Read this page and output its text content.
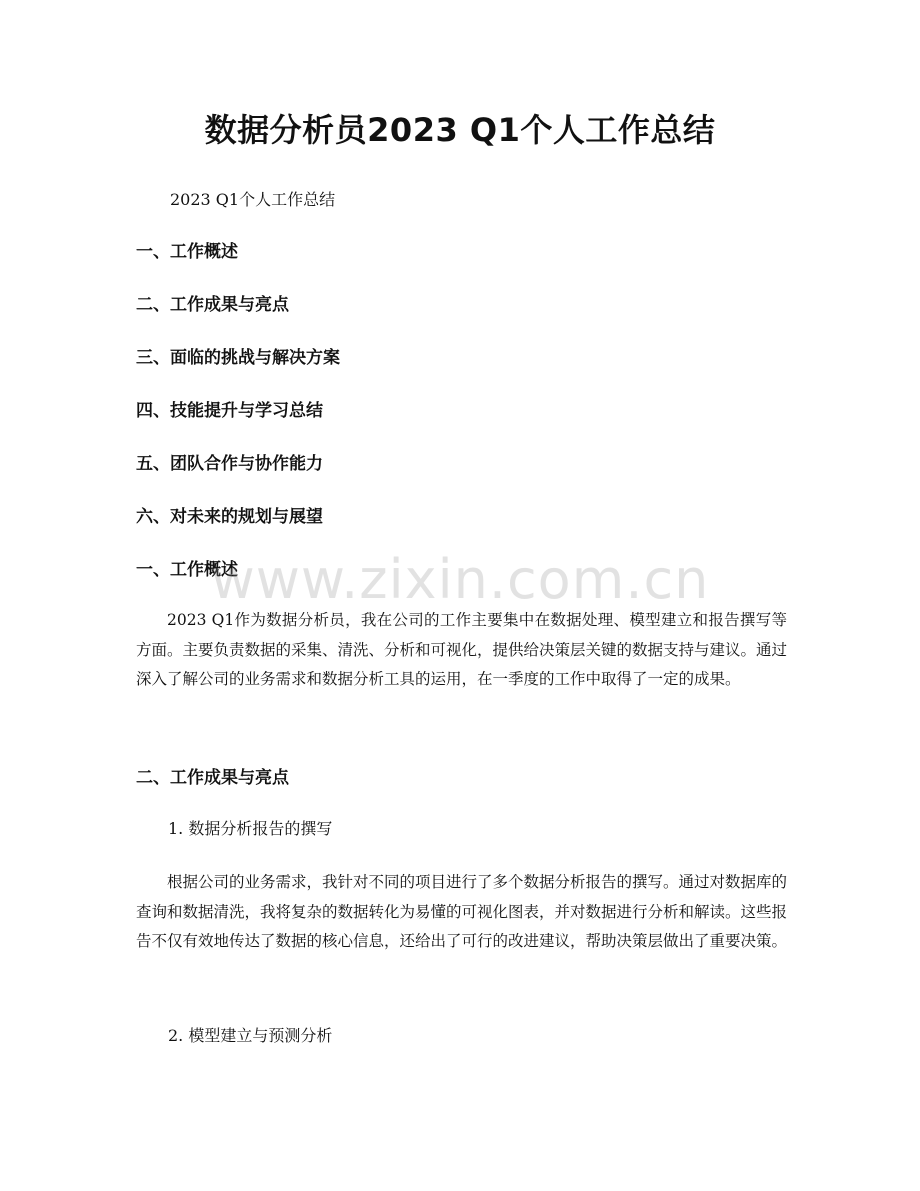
数据分析员2023 Q1个人工作总结
2023 Q1个人工作总结
一、工作概述
二、工作成果与亮点
三、面临的挑战与解决方案
四、技能提升与学习总结
五、团队合作与协作能力
六、对未来的规划与展望
一、工作概述

2023 Q1作为数据分析员，我在公司的工作主要集中在数据处理、模型建立和报告撰写等方面。主要负责数据的采集、清洗、分析和可视化，提供给决策层关键的数据支持与建议。通过深入了解公司的业务需求和数据分析工具的运用，在一季度的工作中取得了一定的成果。

二、工作成果与亮点
1. 数据分析报告的撰写

根据公司的业务需求，我针对不同的项目进行了多个数据分析报告的撰写。通过对数据库的查询和数据清洗，我将复杂的数据转化为易懂的可视化图表，并对数据进行分析和解读。这些报告不仅有效地传达了数据的核心信息，还给出了可行的改进建议，帮助决策层做出了重要决策。

2. 模型建立与预测分析
www.zixin.com.cn
